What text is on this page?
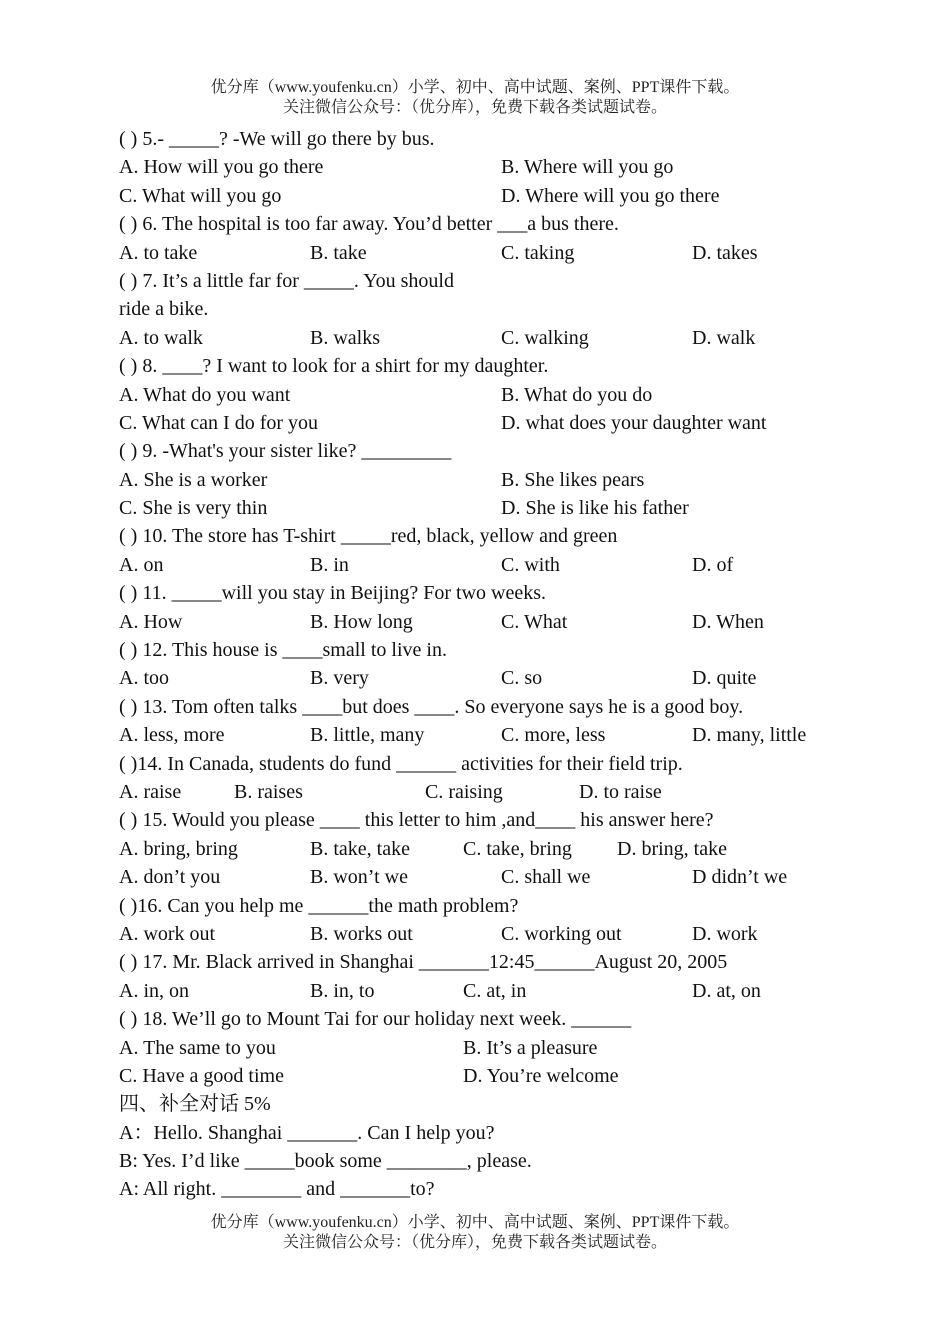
优分库（www.youfenku.cn）小学、初中、高中试题、案例、PPT课件下载。
关注微信公众号：（优分库），免费下载各类试题试卷。
( ) 5.- _____? -We will go there by bus.
A. How will you go there	B. Where will you go
C. What will you go	D. Where will you go there
( ) 6. The hospital is too far away. You’d better ___a bus there.
A. to take	B. take	C. taking	D. takes
( ) 7. It’s a little far for _____. You should
ride a bike.
A. to walk	B. walks	C. walking	D. walk
( ) 8. ____? I want to look for a shirt for my daughter.
A. What do you want	B. What do you do
C. What can I do for you	D. what does your daughter want
( ) 9. -What's your sister like? _________
A. She is a worker	B. She likes pears
C. She is very thin	D. She is like his father
( ) 10. The store has T-shirt _____red, black, yellow and green
A. on	B. in	C. with	D. of
( ) 11. _____will you stay in Beijing? For two weeks.
A. How	B. How long	C. What	D. When
( ) 12. This house is ____small to live in.
A. too	B. very	C. so	D. quite
( ) 13. Tom often talks ____but does ____. So everyone says he is a good boy.
A. less, more	B. little, many	C. more, less	D. many, little
( )14. In Canada, students do fund ______ activities for their field trip.
A. raise	B. raises	C. raising	D. to raise
( ) 15. Would you please ____ this letter to him ,and____ his answer here?
A. bring, bring	B. take, take	C. take, bring D. bring, take
A. don’t you	B. won’t we	C. shall we	D didn’t we
( )16. Can you help me ______the math problem?
A. work out	B. works out	C. working out	D. work
( ) 17. Mr. Black arrived in Shanghai _______12:45______August 20, 2005
A. in, on	B. in, to	C. at, in	D. at, on
( ) 18. We’ll go to Mount Tai for our holiday next week. ______
A. The same to you	B. It’s a pleasure
C. Have a good time	D. You’re welcome
四、补全对话 5%
A：Hello. Shanghai _______. Can I help you?
B: Yes. I’d like _____book some ________, please.
A: All right. ________ and _______to?
优分库（www.youfenku.cn）小学、初中、高中试题、案例、PPT课件下载。
关注微信公众号：（优分库），免费下载各类试题试卷。
